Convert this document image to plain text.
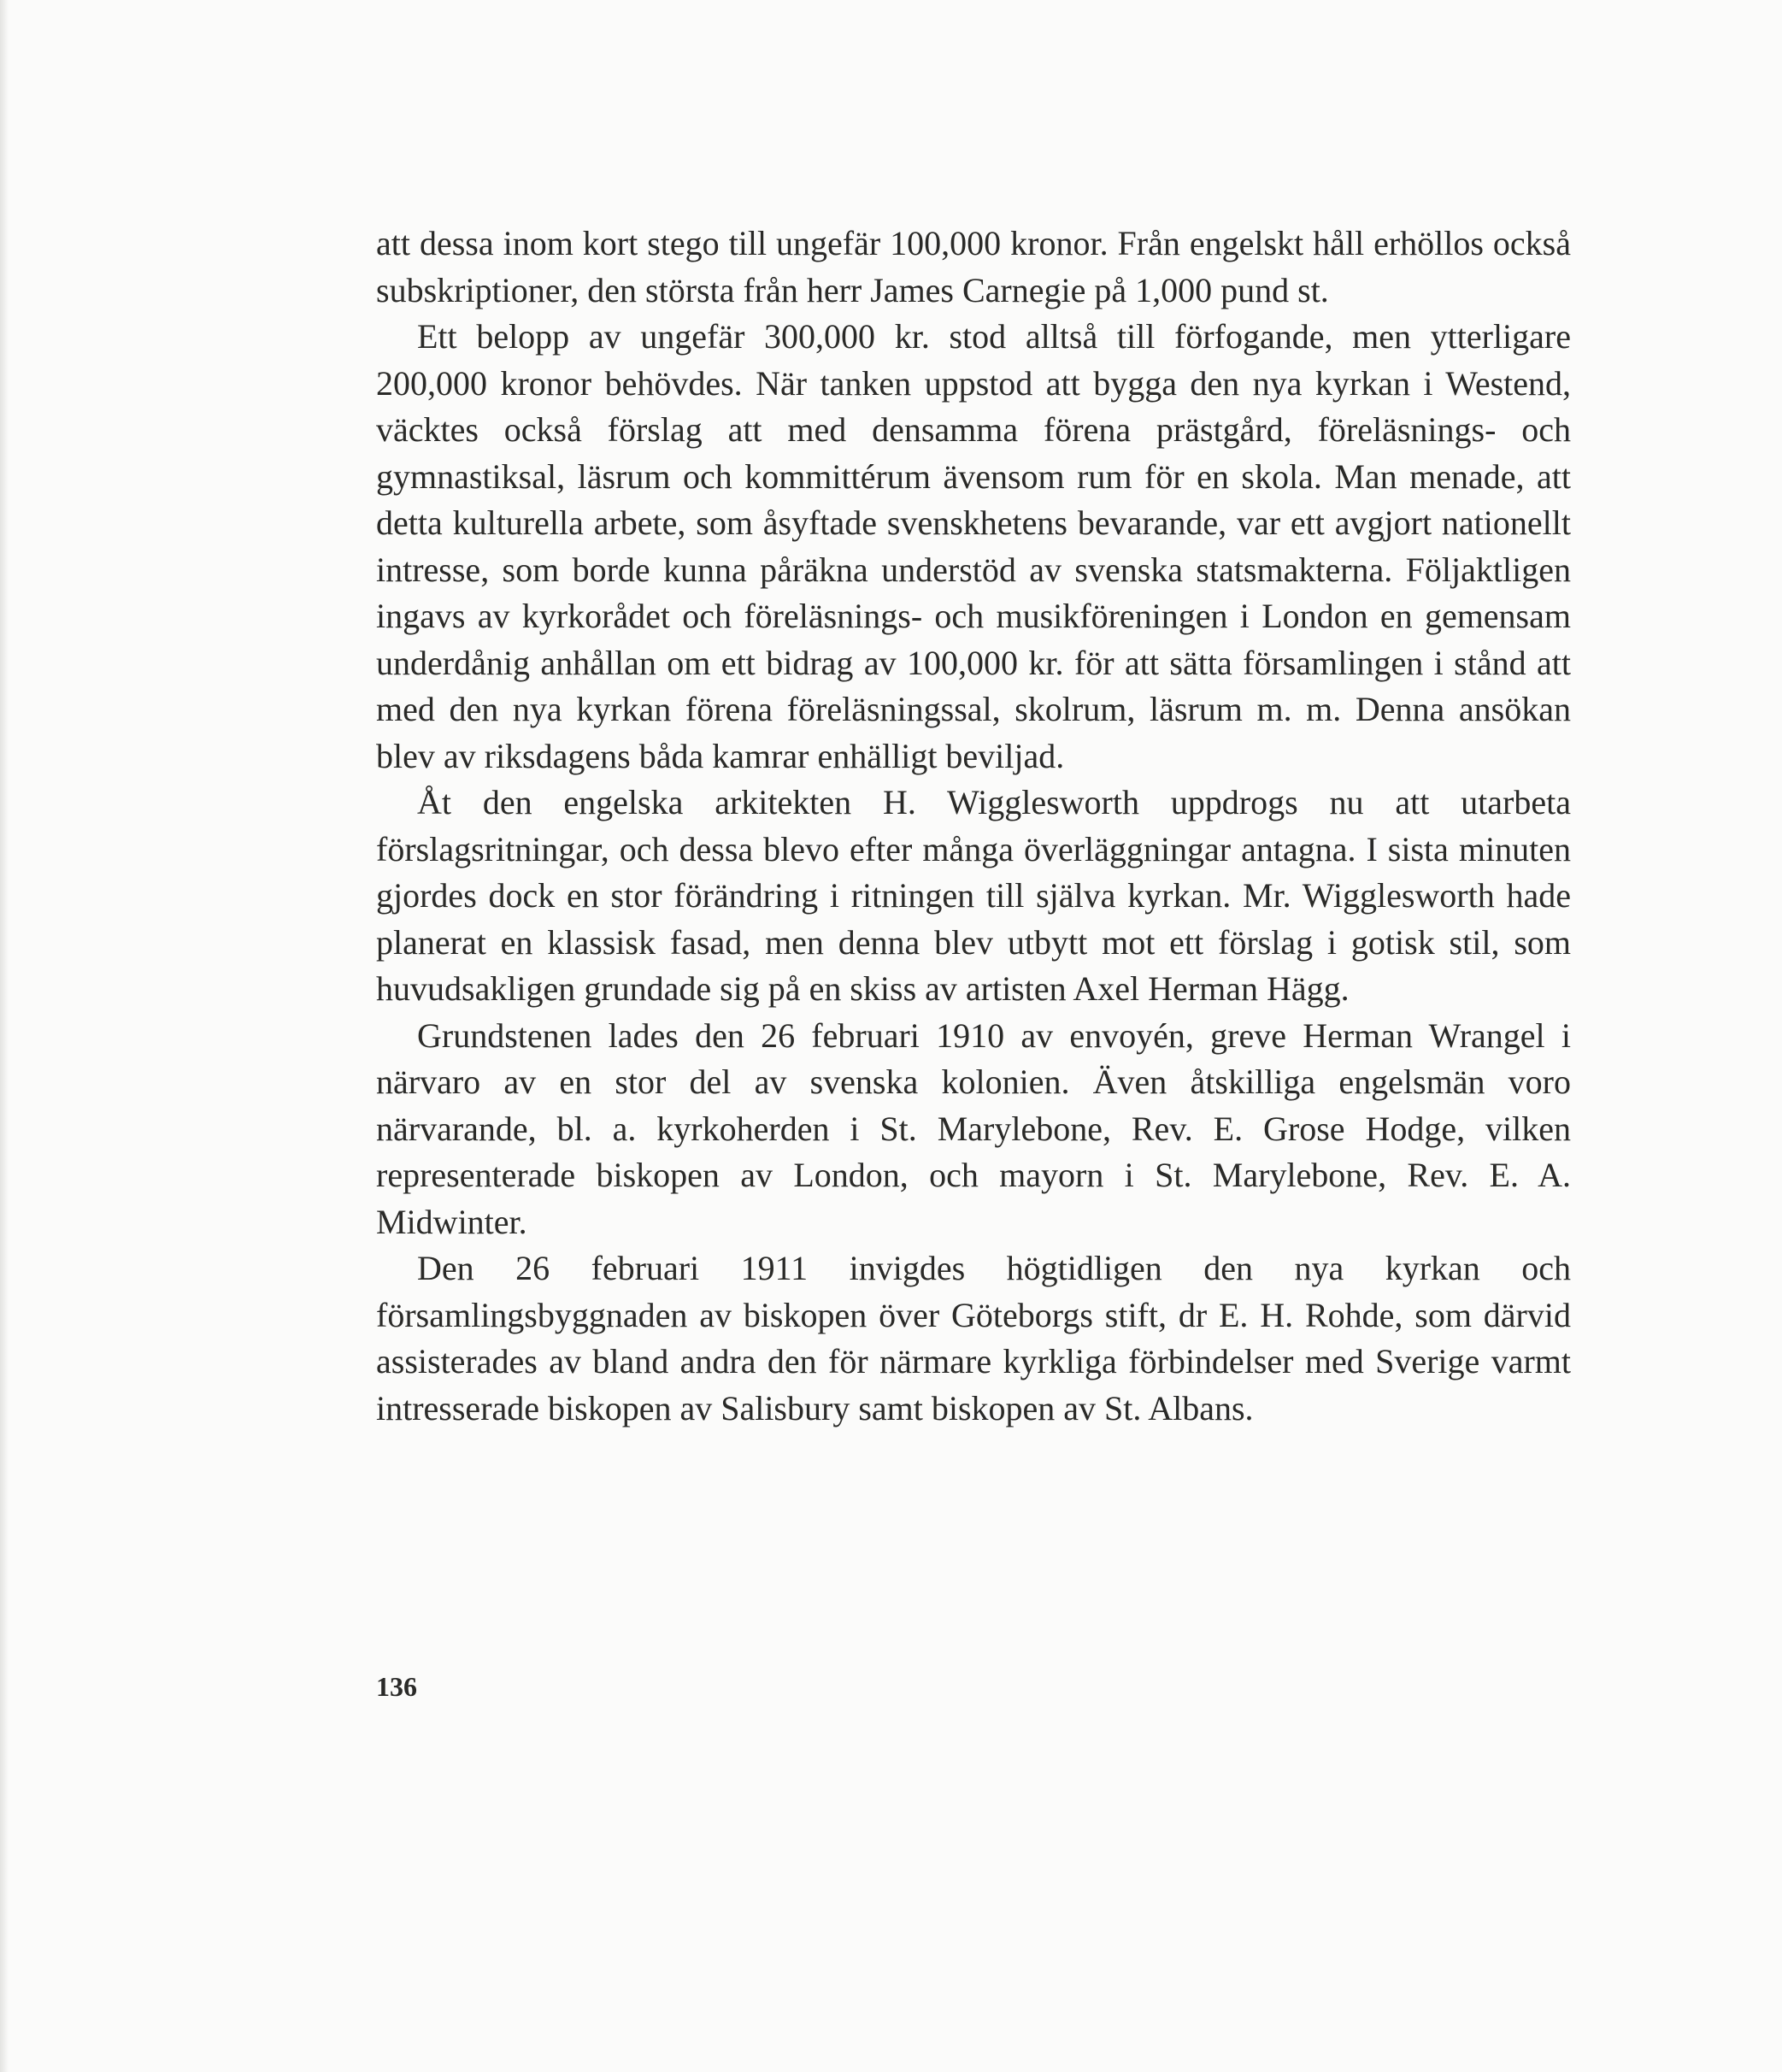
att dessa inom kort stego till ungefär 100,000 kronor. Från engelskt håll erhöllos också subskriptioner, den största från herr James Carnegie på 1,000 pund st.

Ett belopp av ungefär 300,000 kr. stod alltså till förfogande, men ytterligare 200,000 kronor behövdes. När tanken uppstod att bygga den nya kyrkan i Westend, väcktes också förslag att med densamma förena prästgård, föreläsnings- och gymnastiksal, läsrum och kommittérum ävensom rum för en skola. Man menade, att detta kulturella arbete, som åsyftade svenskhetens bevarande, var ett avgjort nationellt intresse, som borde kunna påräkna understöd av svenska statsmakterna. Följaktligen ingavs av kyrkorådet och föreläsnings- och musikföreningen i London en gemensam underdånig anhållan om ett bidrag av 100,000 kr. för att sätta församlingen i stånd att med den nya kyrkan förena föreläsningssal, skolrum, läsrum m. m. Denna ansökan blev av riksdagens båda kamrar enhälligt beviljad.

Åt den engelska arkitekten H. Wigglesworth uppdrogs nu att utarbeta förslagsritningar, och dessa blevo efter många överläggningar antagna. I sista minuten gjordes dock en stor förändring i ritningen till själva kyrkan. Mr. Wigglesworth hade planerat en klassisk fasad, men denna blev utbytt mot ett förslag i gotisk stil, som huvudsakligen grundade sig på en skiss av artisten Axel Herman Hägg.

Grundstenen lades den 26 februari 1910 av envoyén, greve Herman Wrangel i närvaro av en stor del av svenska kolonien. Även åtskilliga engelsmän voro närvarande, bl. a. kyrkoherden i St. Marylebone, Rev. E. Grose Hodge, vilken representerade biskopen av London, och mayorn i St. Marylebone, Rev. E. A. Midwinter.

Den 26 februari 1911 invigdes högtidligen den nya kyrkan och församlingsbyggnaden av biskopen över Göteborgs stift, dr E. H. Rohde, som därvid assisterades av bland andra den för närmare kyrkliga förbindelser med Sverige varmt intresserade biskopen av Salisbury samt biskopen av St. Albans.

136
